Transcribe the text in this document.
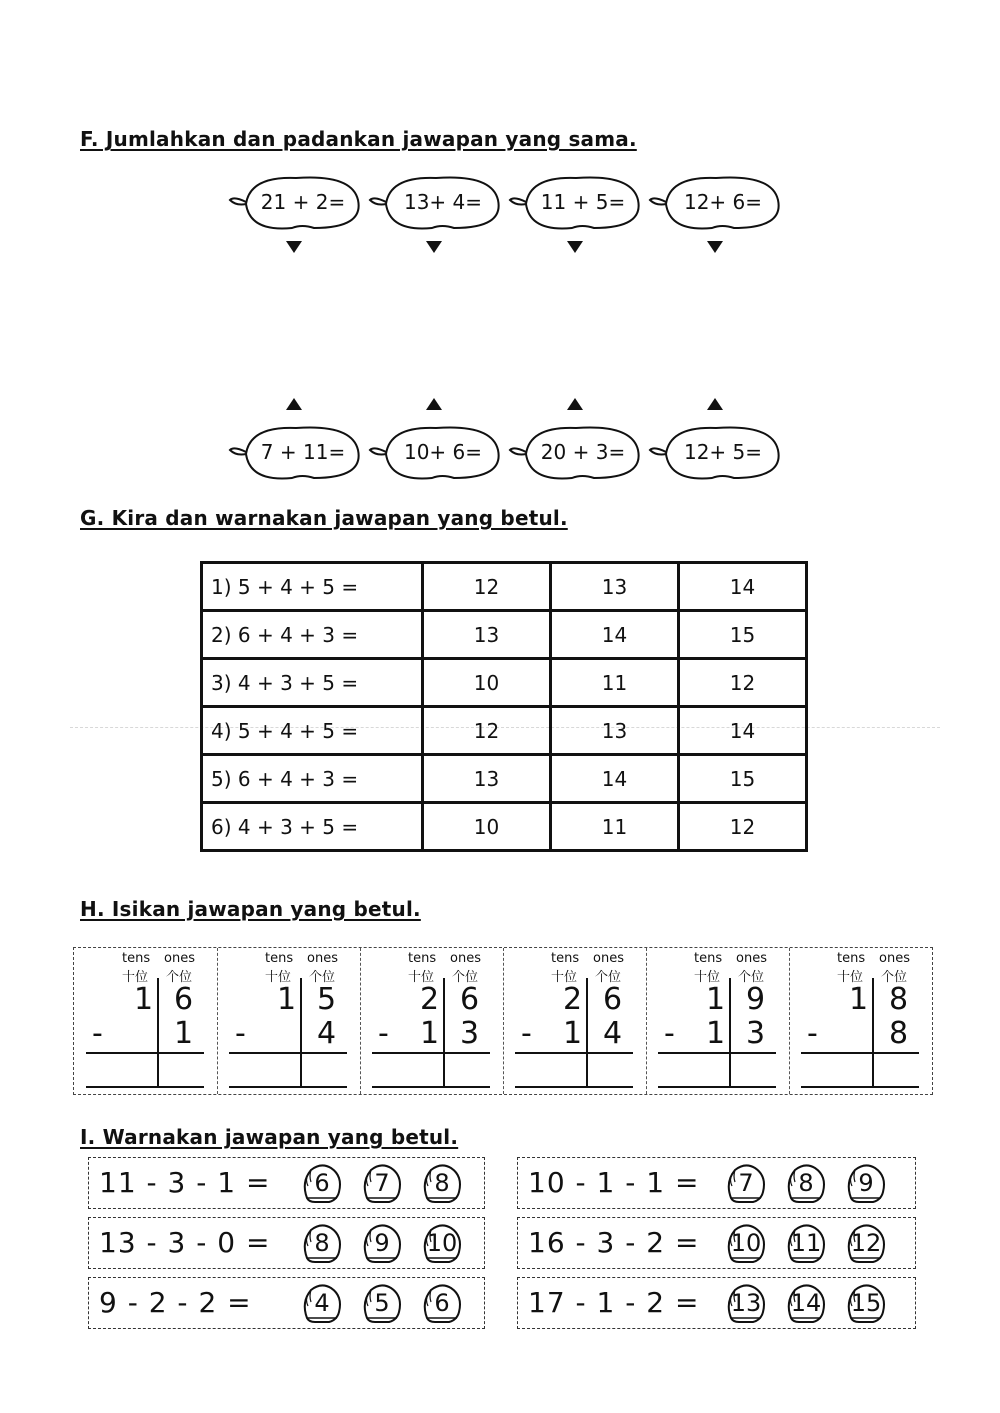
F. Jumlahkan dan padankan jawapan yang sama.
21 + 2=	13+ 4=	11 + 5=	12+ 6=
7 + 11=	10+ 6=	20 + 3=	12+ 5=
G. Kira dan warnakan jawapan yang betul.
1) 5 + 4 + 5 =	12	13	14
2) 6 + 4 + 3 =	13	14	15
3) 4 + 3 + 5 =	10	11	12
4) 5 + 4 + 5 =	12	13	14
5) 6 + 4 + 3 =	13	14	15
6) 4 + 3 + 5 =	10	11	12
H. Isikan jawapan yang betul.
tens ones
十位 个位
1 6
- 1
tens ones
十位 个位
1 5
- 4
tens ones
十位 个位
2 6
- 1 3
tens ones
十位 个位
2 6
- 1 4
tens ones
十位 个位
1 9
- 1 3
tens ones
十位 个位
1 8
- 8
I. Warnakan jawapan yang betul.
11 - 3 - 1 =	6	7	8
13 - 3 - 0 =	8	9	10
9 - 2 - 2 =	4	5	6
10 - 1 - 1 =	7	8	9
16 - 3 - 2 =	10	11	12
17 - 1 - 2 =	13	14	15
